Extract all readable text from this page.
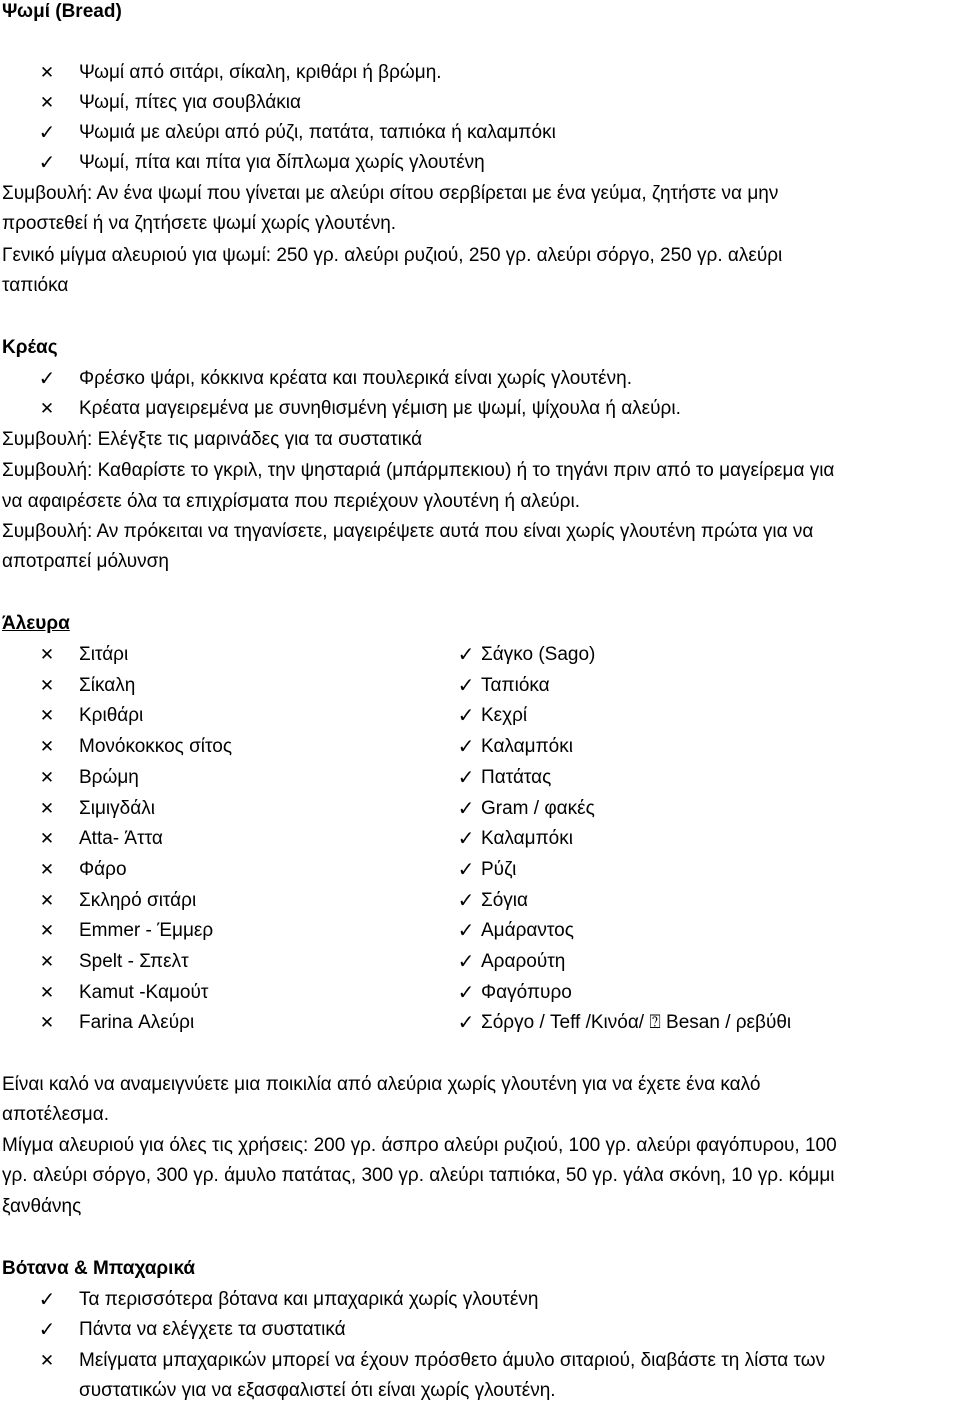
Ψωμί (Bread)
✕ Ψωμί από σιτάρι, σίκαλη, κριθάρι ή βρώμη.
✕ Ψωμί, πίτες για σουβλάκια
✓ Ψωμιά με αλεύρι από ρύζι, πατάτα, ταπιόκα ή καλαμπόκι
✓ Ψωμί, πίτα και πίτα για δίπλωμα χωρίς γλουτένη
Συμβουλή: Αν ένα ψωμί που γίνεται με αλεύρι σίτου σερβίρεται με ένα γεύμα, ζητήστε να μην
προστεθεί ή να ζητήσετε ψωμί χωρίς γλουτένη.
Γενικό μίγμα αλευριού για ψωμί: 250 γρ. αλεύρι ρυζιού, 250 γρ. αλεύρι σόργο, 250 γρ. αλεύρι
ταπιόκα
Κρέας
✓ Φρέσκο ψάρι, κόκκινα κρέατα και πουλερικά είναι χωρίς γλουτένη.
✕ Κρέατα μαγειρεμένα με συνηθισμένη γέμιση με ψωμί, ψίχουλα ή αλεύρι.
Συμβουλή: Ελέγξτε τις μαρινάδες για τα συστατικά
Συμβουλή: Καθαρίστε το γκριλ, την ψησταριά (μπάρμπεκιου) ή το τηγάνι πριν από το μαγείρεμα για
να αφαιρέσετε όλα τα επιχρίσματα που περιέχουν γλουτένη ή αλεύρι.
Συμβουλή: Αν πρόκειται να τηγανίσετε, μαγειρέψετε αυτά που είναι χωρίς γλουτένη πρώτα για να
αποτραπεί μόλυνση
Άλευρα
✕ Σιτάρι	✓ Σάγκο (Sago)
✕ Σίκαλη	✓ Ταπιόκα
✕ Κριθάρι	✓ Κεχρί
✕ Μονόκοκκος σίτος	✓ Καλαμπόκι
✕ Βρώμη	✓ Πατάτας
✕ Σιμιγδάλι	✓ Gram / φακές
✕ Atta- Άττα	✓ Καλαμπόκι
✕ Φάρο	✓ Ρύζι
✕ Σκληρό σιτάρι	✓ Σόγια
✕ Emmer - Έμμερ	✓ Αμάραντος
✕ Spelt - Σπελτ	✓ Αραρούτη
✕ Kamut -Καμούτ	✓ Φαγόπυρο
✕ Farina Αλεύρι	✓ Σόργο / Teff /Κινόα/ ⍰ Besan / ρεβύθι
Είναι καλό να αναμειγνύετε μια ποικιλία από αλεύρια χωρίς γλουτένη για να έχετε ένα καλό
αποτέλεσμα.
Μίγμα αλευριού για όλες τις χρήσεις: 200 γρ. άσπρο αλεύρι ρυζιού, 100 γρ. αλεύρι φαγόπυρου, 100
γρ. αλεύρι σόργο, 300 γρ. άμυλο πατάτας, 300 γρ. αλεύρι ταπιόκα, 50 γρ. γάλα σκόνη, 10 γρ. κόμμι
ξανθάνης
Βότανα & Μπαχαρικά
✓ Τα περισσότερα βότανα και μπαχαρικά χωρίς γλουτένη
✓ Πάντα να ελέγχετε τα συστατικά
✕ Μείγματα μπαχαρικών μπορεί να έχουν πρόσθετο άμυλο σιταριού, διαβάστε τη λίστα των
συστατικών για να εξασφαλιστεί ότι είναι χωρίς γλουτένη.
